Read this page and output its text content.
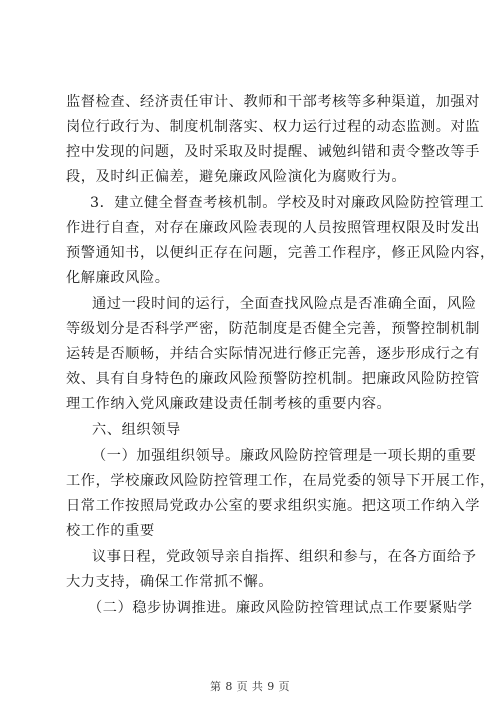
监督检查、经济责任审计、教师和干部考核等多种渠道，加强对
岗位行政行为、制度机制落实、权力运行过程的动态监测。对监
控中发现的问题，及时采取及时提醒、诫勉纠错和责令整改等手
段，及时纠正偏差，避免廉政风险演化为腐败行为。
3．建立健全督查考核机制。学校及时对廉政风险防控管理工
作进行自查，对存在廉政风险表现的人员按照管理权限及时发出
预警通知书，以便纠正存在问题，完善工作程序，修正风险内容，
化解廉政风险。
通过一段时间的运行，全面查找风险点是否准确全面，风险
等级划分是否科学严密，防范制度是否健全完善，预警控制机制
运转是否顺畅，并结合实际情况进行修正完善，逐步形成行之有
效、具有自身特色的廉政风险预警防控机制。把廉政风险防控管
理工作纳入党风廉政建设责任制考核的重要内容。
六、组织领导
（一）加强组织领导。廉政风险防控管理是一项长期的重要
工作，学校廉政风险防控管理工作，在局党委的领导下开展工作，
日常工作按照局党政办公室的要求组织实施。把这项工作纳入学
校工作的重要
议事日程，党政领导亲自指挥、组织和参与，在各方面给予
大力支持，确保工作常抓不懈。
（二）稳步协调推进。廉政风险防控管理试点工作要紧贴学
第 8 页 共 9 页
